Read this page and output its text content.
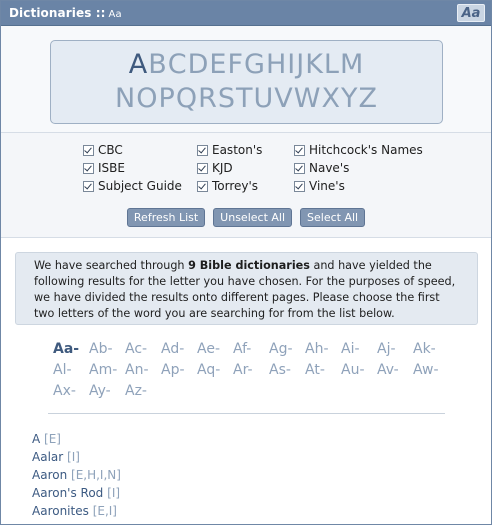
Dictionaries :: Aa	Aa
A B C D E F G H I J K L M
N O P Q R S T U V W X Y Z
CBC	Easton's	Hitchcock's Names
ISBE	KJD	Nave's
Subject Guide	Torrey's	Vine's
Refresh List	Unselect All	Select All
We have searched through 9 Bible dictionaries and have yielded the following results for the letter you have chosen. For the purposes of speed, we have divided the results onto different pages. Please choose the first two letters of the word you are searching for from the list below.
Aa- Ab- Ac- Ad- Ae- Af-	Ag- Ah- Ai-	Aj-	Ak-
Al-	Am- An- Ap- Aq- Ar-	As-	At-	Au- Av-	Aw-
Ax- Ay-	Az-
A [E]
Aalar [I]
Aaron [E,H,I,N]
Aaron's Rod [I]
Aaronites [E,I]
